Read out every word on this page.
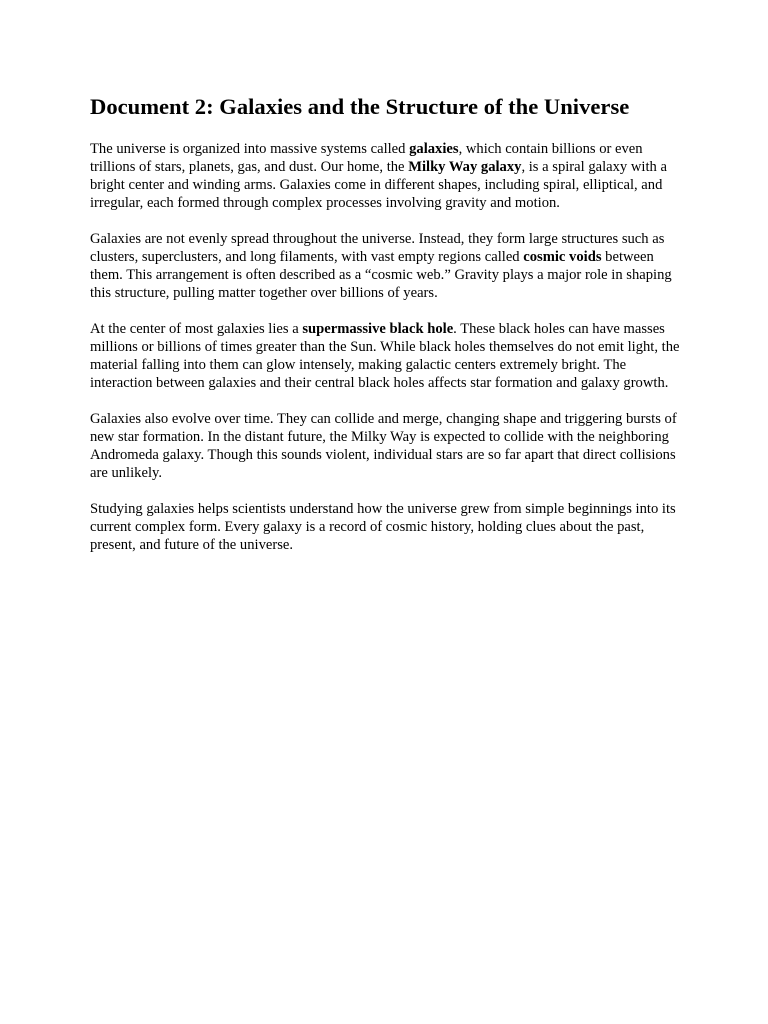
Document 2: Galaxies and the Structure of the Universe

The universe is organized into massive systems called galaxies, which contain billions or even trillions of stars, planets, gas, and dust. Our home, the Milky Way galaxy, is a spiral galaxy with a bright center and winding arms. Galaxies come in different shapes, including spiral, elliptical, and irregular, each formed through complex processes involving gravity and motion.

Galaxies are not evenly spread throughout the universe. Instead, they form large structures such as clusters, superclusters, and long filaments, with vast empty regions called cosmic voids between them. This arrangement is often described as a “cosmic web.” Gravity plays a major role in shaping this structure, pulling matter together over billions of years.

At the center of most galaxies lies a supermassive black hole. These black holes can have masses millions or billions of times greater than the Sun. While black holes themselves do not emit light, the material falling into them can glow intensely, making galactic centers extremely bright. The interaction between galaxies and their central black holes affects star formation and galaxy growth.

Galaxies also evolve over time. They can collide and merge, changing shape and triggering bursts of new star formation. In the distant future, the Milky Way is expected to collide with the neighboring Andromeda galaxy. Though this sounds violent, individual stars are so far apart that direct collisions are unlikely.

Studying galaxies helps scientists understand how the universe grew from simple beginnings into its current complex form. Every galaxy is a record of cosmic history, holding clues about the past, present, and future of the universe.
